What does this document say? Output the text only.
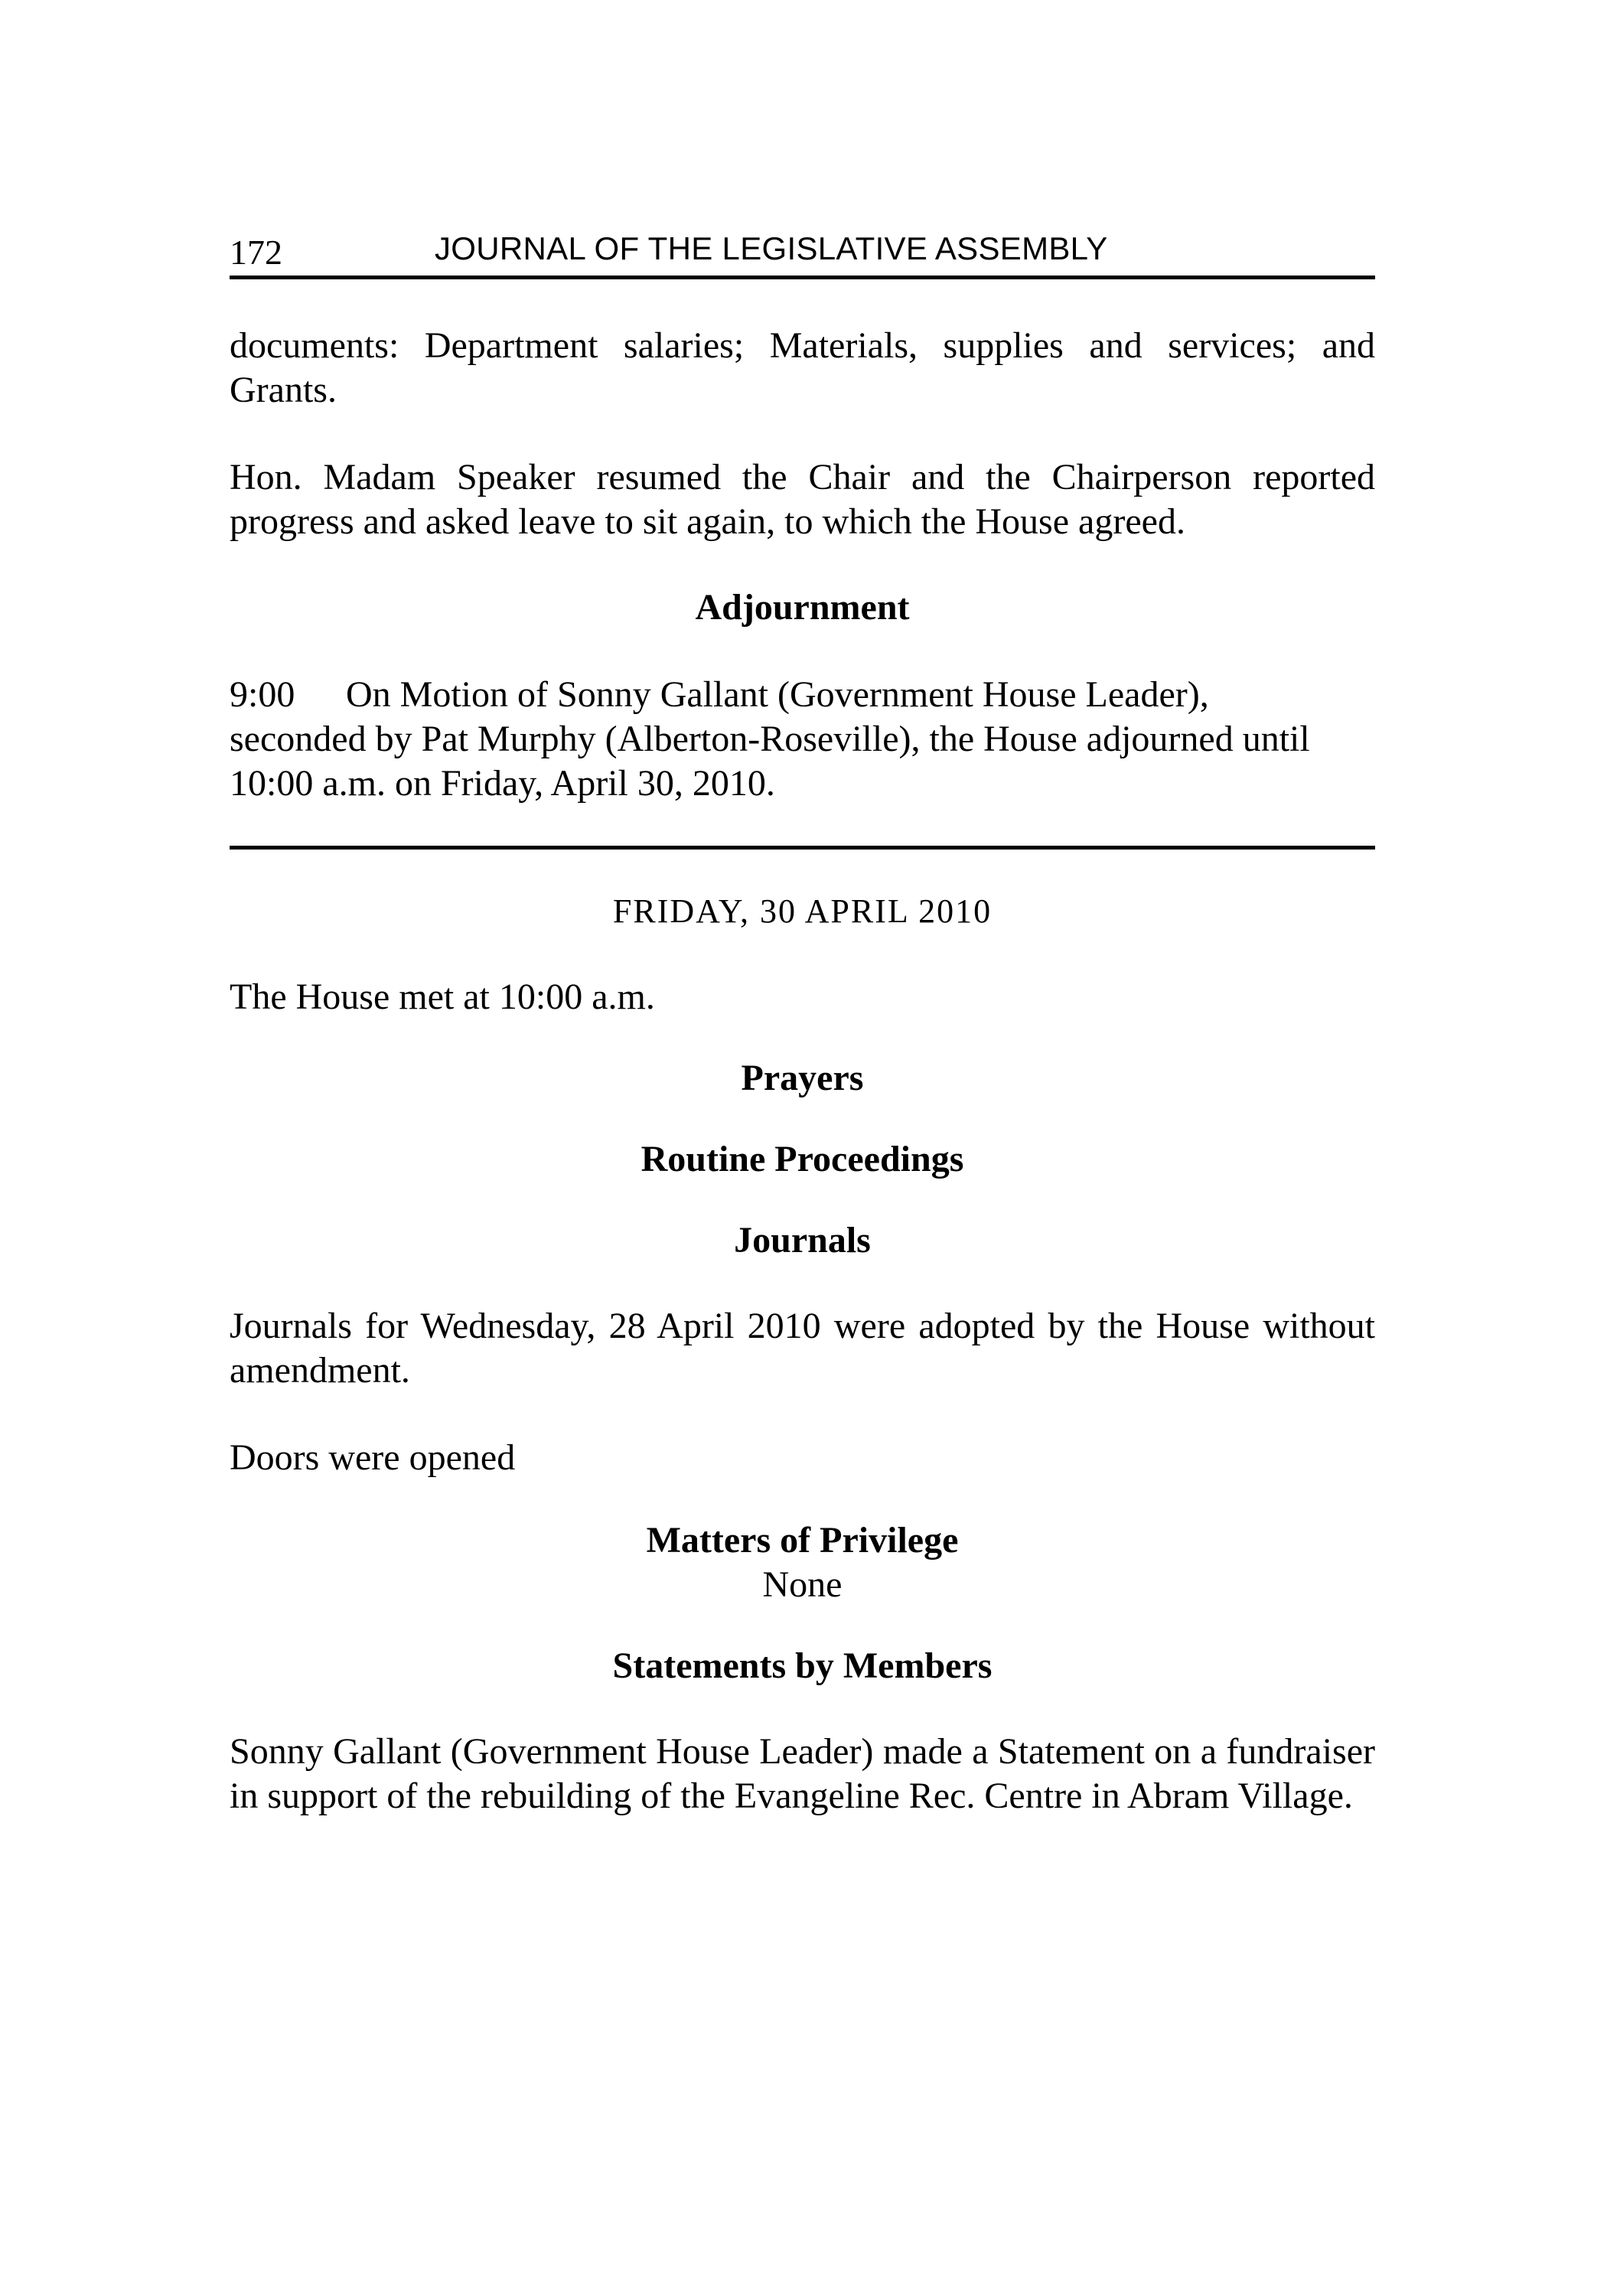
172	JOURNAL OF THE LEGISLATIVE ASSEMBLY

documents: Department salaries; Materials, supplies and services; and Grants.

Hon. Madam Speaker resumed the Chair and the Chairperson reported progress and asked leave to sit again, to which the House agreed.

Adjournment

9:00 On Motion of Sonny Gallant (Government House Leader),

seconded by Pat Murphy (Alberton-Roseville), the House adjourned until

10:00 a.m. on Friday, April 30, 2010.

FRIDAY, 30 APRIL 2010

The House met at 10:00 a.m.

Prayers

Routine Proceedings

Journals

Journals for Wednesday, 28 April 2010 were adopted by the House without amendment.

Doors were opened

Matters of Privilege

None

Statements by Members

Sonny Gallant (Government House Leader) made a Statement on a fundraiser in support of the rebuilding of the Evangeline Rec. Centre in Abram Village.
